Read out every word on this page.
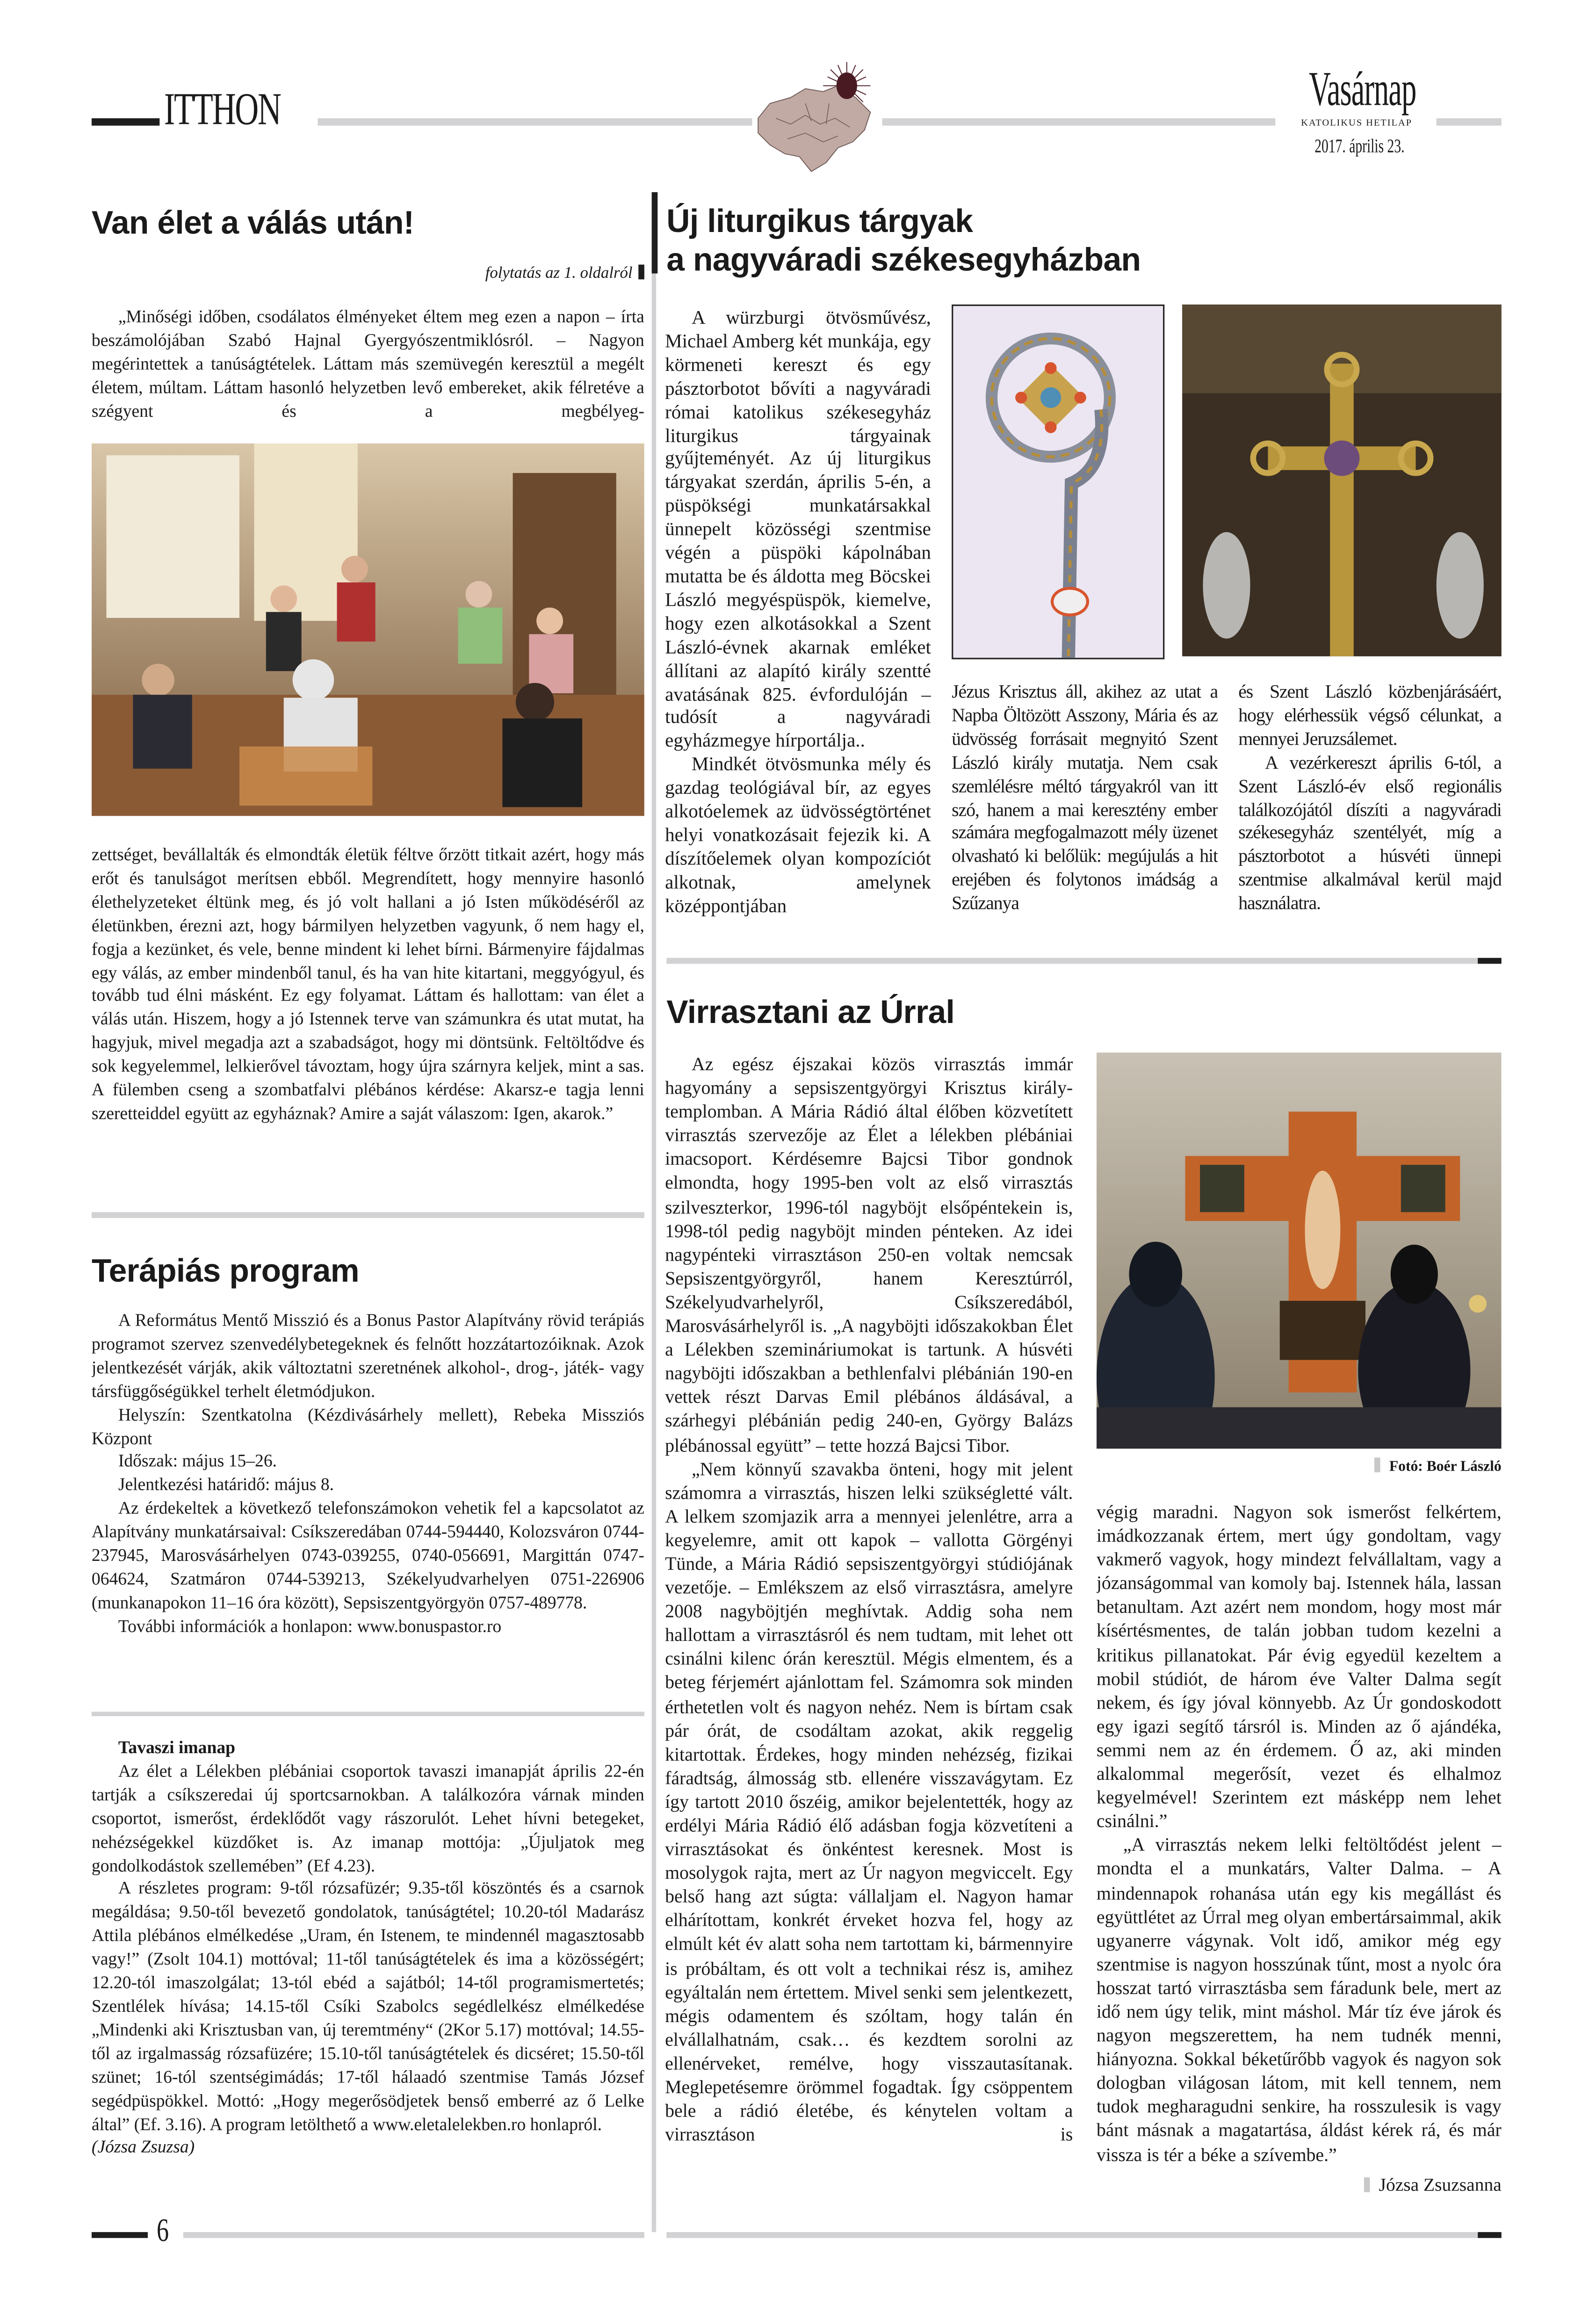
ITTHON	Vasárnap
KATOLIKUS HETILAP
2017. április 23.
Van élet a válás után!
folytatás az 1. oldalról

„Minőségi időben, csodálatos élményeket éltem meg ezen a napon – írta beszámolójában Szabó Hajnal Gyergyószentmiklósról. – Nagyon megérintettek a tanúságtételek. Láttam más szemüvegén keresztül a megélt életem, múltam. Láttam hasonló helyzetben levő embereket, akik félretéve a szégyent és a megbélyeg-

zettséget, bevállalták és elmondták életük féltve őrzött titkait azért, hogy más erőt és tanulságot merítsen ebből. Megrendített, hogy mennyire hasonló élethelyzeteket éltünk meg, és jó volt hallani a jó Isten működéséről az életünkben, érezni azt, hogy bármilyen helyzetben vagyunk, ő nem hagy el, fogja a kezünket, és vele, benne mindent ki lehet bírni. Bármenyire fájdalmas egy válás, az ember mindenből tanul, és ha van hite kitartani, meggyógyul, és tovább tud élni másként. Ez egy folyamat. Láttam és hallottam: van élet a válás után. Hiszem, hogy a jó Istennek terve van számunkra és utat mutat, ha hagyjuk, mivel megadja azt a szabadságot, hogy mi döntsünk. Feltöltődve és sok kegyelemmel, lelkierővel távoztam, hogy újra szárnyra keljek, mint a sas. A fülemben cseng a szombatfalvi plébános kérdése: Akarsz-e tagja lenni szeretteiddel együtt az egyháznak? Amire a saját válaszom: Igen, akarok.”

Terápiás program

A Református Mentő Misszió és a Bonus Pastor Alapítvány rövid terápiás programot szervez szenvedélybetegeknek és felnőtt hozzátartozóiknak. Azok jelentkezését várják, akik változtatni szeretnének alkohol-, drog-, játék- vagy társfüggőségükkel terhelt életmódjukon.

Helyszín: Szentkatolna (Kézdivásárhely mellett), Rebeka Missziós Központ

Időszak: május 15–26.

Jelentkezési határidő: május 8.

Az érdekeltek a következő telefonszámokon vehetik fel a kapcsolatot az Alapítvány munkatársaival: Csíkszeredában 0744-594440, Kolozsváron 0744-237945, Marosvásárhelyen 0743-039255, 0740-056691, Margittán 0747-064624, Szatmáron 0744-539213, Székelyudvarhelyen 0751-226906 (munkanapokon 11–16 óra között), Sepsiszentgyörgyön 0757-489778.

További információk a honlapon: www.bonuspastor.ro

Tavaszi imanap

Az élet a Lélekben plébániai csoportok tavaszi imanapját április 22-én tartják a csíkszeredai új sportcsarnokban. A találkozóra várnak minden csoportot, ismerőst, érdeklődőt vagy rászorulót. Lehet hívni betegeket, nehézségekkel küzdőket is. Az imanap mottója: „Újuljatok meg gondolkodástok szellemében” (Ef 4.23).

A részletes program: 9-től rózsafüzér; 9.35-től köszöntés és a csarnok megáldása; 9.50-től bevezető gondolatok, tanúságtétel; 10.20-tól Madarász Attila plébános elmélkedése „Uram, én Istenem, te mindennél magasztosabb vagy!” (Zsolt 104.1) mottóval; 11-től tanúságtételek és ima a közösségért; 12.20-tól imaszolgálat; 13-tól ebéd a sajátból; 14-től programismertetés; Szentlélek hívása; 14.15-től Csíki Szabolcs segédlelkész elmélkedése „Mindenki aki Krisztusban van, új teremtmény“ (2Kor 5.17) mottóval; 14.55-től az irgalmasság rózsafüzére; 15.10-től tanúságtételek és dicséret; 15.50-től szünet; 16-tól szentségimádás; 17-től hálaadó szentmise Tamás József segédpüspökkel. Mottó: „Hogy megerősödjetek benső emberré az ő Lelke által” (Ef. 3.16). A program letölthető a www.eletalelekben.ro honlapról.

(Józsa Zsuzsa)

Új liturgikus tárgyak
a nagyváradi székesegyházban

A würzburgi ötvösművész, Michael Amberg két munkája, egy körmeneti kereszt és egy pásztorbotot bővíti a nagyváradi római katolikus székesegyház liturgikus tárgyainak gyűjteményét. Az új liturgikus tárgyakat szerdán, április 5-én, a püspökségi munkatársakkal ünnepelt közösségi szentmise végén a püspöki kápolnában mutatta be és áldotta meg Böcskei László megyéspüspök, kiemelve, hogy ezen alkotásokkal a Szent László-évnek akarnak emléket állítani az alapító király szentté avatásának 825. évfordulóján – tudósít a nagyváradi egyházmegye hírportálja..

Mindkét ötvösmunka mély és gazdag teológiával bír, az egyes alkotóelemek az üdvösségtörténet helyi vonatkozásait fejezik ki. A díszítőelemek olyan kompozíciót alkotnak, amelynek középpontjában

Jézus Krisztus áll, akihez az utat a Napba Öltözött Asszony, Mária és az üdvösség forrásait megnyitó Szent László király mutatja. Nem csak szemlélésre méltó tárgyakról van itt szó, hanem a mai keresztény ember számára megfogalmazott mély üzenet olvasható ki belőlük: megújulás a hit erejében és folytonos imádság a Szűzanya

és Szent László közbenjárásáért, hogy elérhessük végső célunkat, a mennyei Jeruzsálemet.

A vezérkereszt április 6-tól, a Szent László-év első regionális találkozójától díszíti a nagyváradi székesegyház szentélyét, míg a pásztorbotot a húsvéti ünnepi szentmise alkalmával kerül majd használatra.

Virrasztani az Úrral

Az egész éjszakai közös virrasztás immár hagyomány a sepsiszentgyörgyi Krisztus király-templomban. A Mária Rádió által élőben közvetített virrasztás szervezője az Élet a lélekben plébániai imacsoport. Kérdésemre Bajcsi Tibor gondnok elmondta, hogy 1995-ben volt az első virrasztás szilveszterkor, 1996-tól nagyböjt elsőpéntekein is, 1998-tól pedig nagyböjt minden pénteken. Az idei nagypénteki virrasztáson 250-en voltak nemcsak Sepsiszentgyörgyről, hanem Keresztúrról, Székelyudvarhelyről, Csíkszeredából, Marosvásárhelyről is. „A nagyböjti időszakokban Élet a Lélekben szemináriumokat is tartunk. A húsvéti nagyböjti időszakban a bethlenfalvi plébánián 190-en vettek részt Darvas Emil plébános áldásával, a szárhegyi plébánián pedig 240-en, György Balázs plébánossal együtt” – tette hozzá Bajcsi Tibor.

„Nem könnyű szavakba önteni, hogy mit jelent számomra a virrasztás, hiszen lelki szükségletté vált. A lelkem szomjazik arra a mennyei jelenlétre, arra a kegyelemre, amit ott kapok – vallotta Görgényi Tünde, a Mária Rádió sepsiszentgyörgyi stúdiójának vezetője. – Emlékszem az első virrasztásra, amelyre 2008 nagyböjtjén meghívtak. Addig soha nem hallottam a virrasztásról és nem tudtam, mit lehet ott csinálni kilenc órán keresztül. Mégis elmentem, és a beteg férjemért ajánlottam fel. Számomra sok minden érthetetlen volt és nagyon nehéz. Nem is bírtam csak pár órát, de csodáltam azokat, akik reggelig kitartottak. Érdekes, hogy minden nehézség, fizikai fáradtság, álmosság stb. ellenére visszavágytam. Ez így tartott 2010 őszéig, amikor bejelentették, hogy az erdélyi Mária Rádió élő adásban fogja közvetíteni a virrasztásokat és önkéntest keresnek. Most is mosolygok rajta, mert az Úr nagyon megviccelt. Egy belső hang azt súgta: vállaljam el. Nagyon hamar elhárítottam, konkrét érveket hozva fel, hogy az elmúlt két év alatt soha nem tartottam ki, bármennyire is próbáltam, és ott volt a technikai rész is, amihez egyáltalán nem értettem. Mivel senki sem jelentkezett, mégis odamentem és szóltam, hogy talán én elvállalhatnám, csak… és kezdtem sorolni az ellenérveket, remélve, hogy visszautasítanak. Meglepetésemre örömmel fogadtak. Így csöppentem bele a rádió életébe, és kénytelen voltam a virrasztáson is

Fotó: Boér László

végig maradni. Nagyon sok ismerőst felkértem, imádkozzanak értem, mert úgy gondoltam, vagy vakmerő vagyok, hogy mindezt felvállaltam, vagy a józanságommal van komoly baj. Istennek hála, lassan betanultam. Azt azért nem mondom, hogy most már kísértésmentes, de talán jobban tudom kezelni a kritikus pillanatokat. Pár évig egyedül kezeltem a mobil stúdiót, de három éve Valter Dalma segít nekem, és így jóval könnyebb. Az Úr gondoskodott egy igazi segítő társról is. Minden az ő ajándéka, semmi nem az én érdemem. Ő az, aki minden alkalommal megerősít, vezet és elhalmoz kegyelmével! Szerintem ezt másképp nem lehet csinálni.”

„A virrasztás nekem lelki feltöltődést jelent – mondta el a munkatárs, Valter Dalma. – A mindennapok rohanása után egy kis megállást és együttlétet az Úrral meg olyan embertársaimmal, akik ugyanerre vágynak. Volt idő, amikor még egy szentmise is nagyon hosszúnak tűnt, most a nyolc óra hosszat tartó virrasztásba sem fáradunk bele, mert az idő nem úgy telik, mint máshol. Már tíz éve járok és nagyon megszerettem, ha nem tudnék menni, hiányozna. Sokkal béketűrőbb vagyok és nagyon sok dologban világosan látom, mit kell tennem, nem tudok megharagudni senkire, ha rosszulesik is vagy bánt másnak a magatartása, áldást kérek rá, és már vissza is tér a béke a szívembe.”

Józsa Zsuzsanna
6
